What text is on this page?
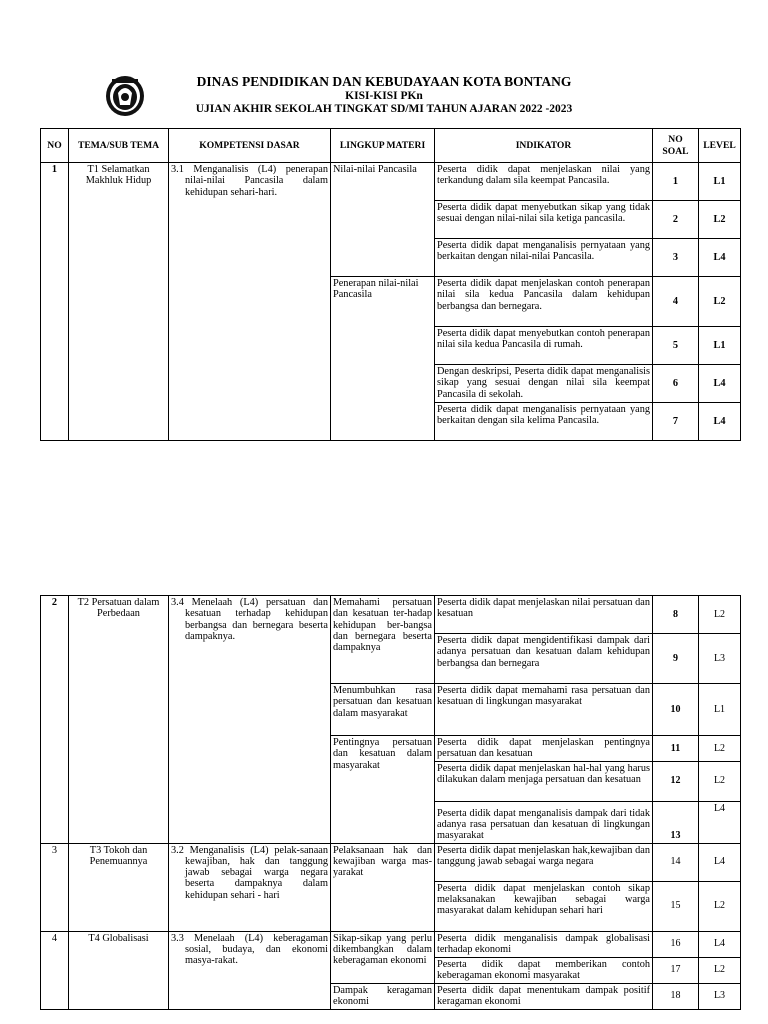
DINAS PENDIDIKAN DAN KEBUDAYAAN KOTA BONTANG
KISI-KISI PKn
UJIAN AKHIR SEKOLAH TINGKAT SD/MI TAHUN AJARAN 2022 -2023
NO	TEMA/SUB TEMA	KOMPETENSI DASAR	LINGKUP MATERI	INDIKATOR	NO SOAL	LEVEL
1	T1 Selamatkan Makhluk Hidup	3.1 Menganalisis (L4) penerapan nilai-nilai Pancasila dalam kehidupan sehari-hari.	Nilai-nilai Pancasila	Peserta didik dapat menjelaskan nilai yang terkandung dalam sila keempat Pancasila.	1	L1
				Peserta didik dapat menyebutkan sikap yang tidak sesuai dengan nilai-nilai sila ketiga pancasila.	2	L2
				Peserta didik dapat menganalisis pernyataan yang berkaitan dengan nilai-nilai Pancasila.	3	L4
			Penerapan nilai-nilai Pancasila	Peserta didik dapat menjelaskan contoh penerapan nilai sila kedua Pancasila dalam kehidupan berbangsa dan bernegara.	4	L2
				Peserta didik dapat menyebutkan contoh penerapan nilai sila kedua Pancasila di rumah.	5	L1
				Dengan deskripsi, Peserta didik dapat menganalisis sikap yang sesuai dengan nilai sila keempat Pancasila di sekolah.	6	L4
				Peserta didik dapat menganalisis pernyataan yang berkaitan dengan sila kelima Pancasila.	7	L4
2	T2 Persatuan dalam Perbedaan	3.4 Menelaah (L4) persatuan dan kesatuan terhadap kehidupan berbangsa dan bernegara beserta dampaknya.	Memahami persatuan dan kesatuan ter-hadap kehidupan ber-bangsa dan bernegara beserta dampaknya	Peserta didik dapat menjelaskan nilai persatuan dan kesatuan	8	L2
				Peserta didik dapat mengidentifikasi dampak dari adanya persatuan dan kesatuan dalam kehidupan berbangsa dan bernegara	9	L3
			Menumbuhkan rasa persatuan dan kesatuan dalam masyarakat	Peserta didik dapat memahami rasa persatuan dan kesatuan di lingkungan masyarakat	10	L1
			Pentingnya persatuan dan kesatuan dalam masyarakat	Peserta didik dapat menjelaskan pentingnya persatuan dan kesatuan	11	L2
				Peserta didik dapat menjelaskan hal-hal yang harus dilakukan dalam menjaga persatuan dan kesatuan	12	L2
				Peserta didik dapat menganalisis dampak dari tidak adanya rasa persatuan dan kesatuan di lingkungan masyarakat	13	L4
3	T3 Tokoh dan Penemuannya	3.2 Menganalisis (L4) pelak-sanaan kewajiban, hak dan tanggung jawab sebagai warga negara beserta dampaknya dalam kehidupan sehari - hari	Pelaksanaan hak dan kewajiban warga mas-yarakat	Peserta didik dapat menjelaskan hak,kewajiban dan tanggung jawab sebagai warga negara	14	L4
				Peserta didik dapat menjelaskan contoh sikap melaksanakan kewajiban sebagai warga masyarakat dalam kehidupan sehari hari	15	L2
4	T4 Globalisasi	3.3 Menelaah (L4) keberagaman sosial, budaya, dan ekonomi masya-rakat.	Sikap-sikap yang perlu dikembangkan dalam keberagaman ekonomi	Peserta didik menganalisis dampak globalisasi terhadap ekonomi	16	L4
				Peserta didik dapat memberikan contoh keberagaman ekonomi masyarakat	17	L2
			Dampak keragaman ekonomi	Peserta didik dapat menentukam dampak positif keragaman ekonomi	18	L3
